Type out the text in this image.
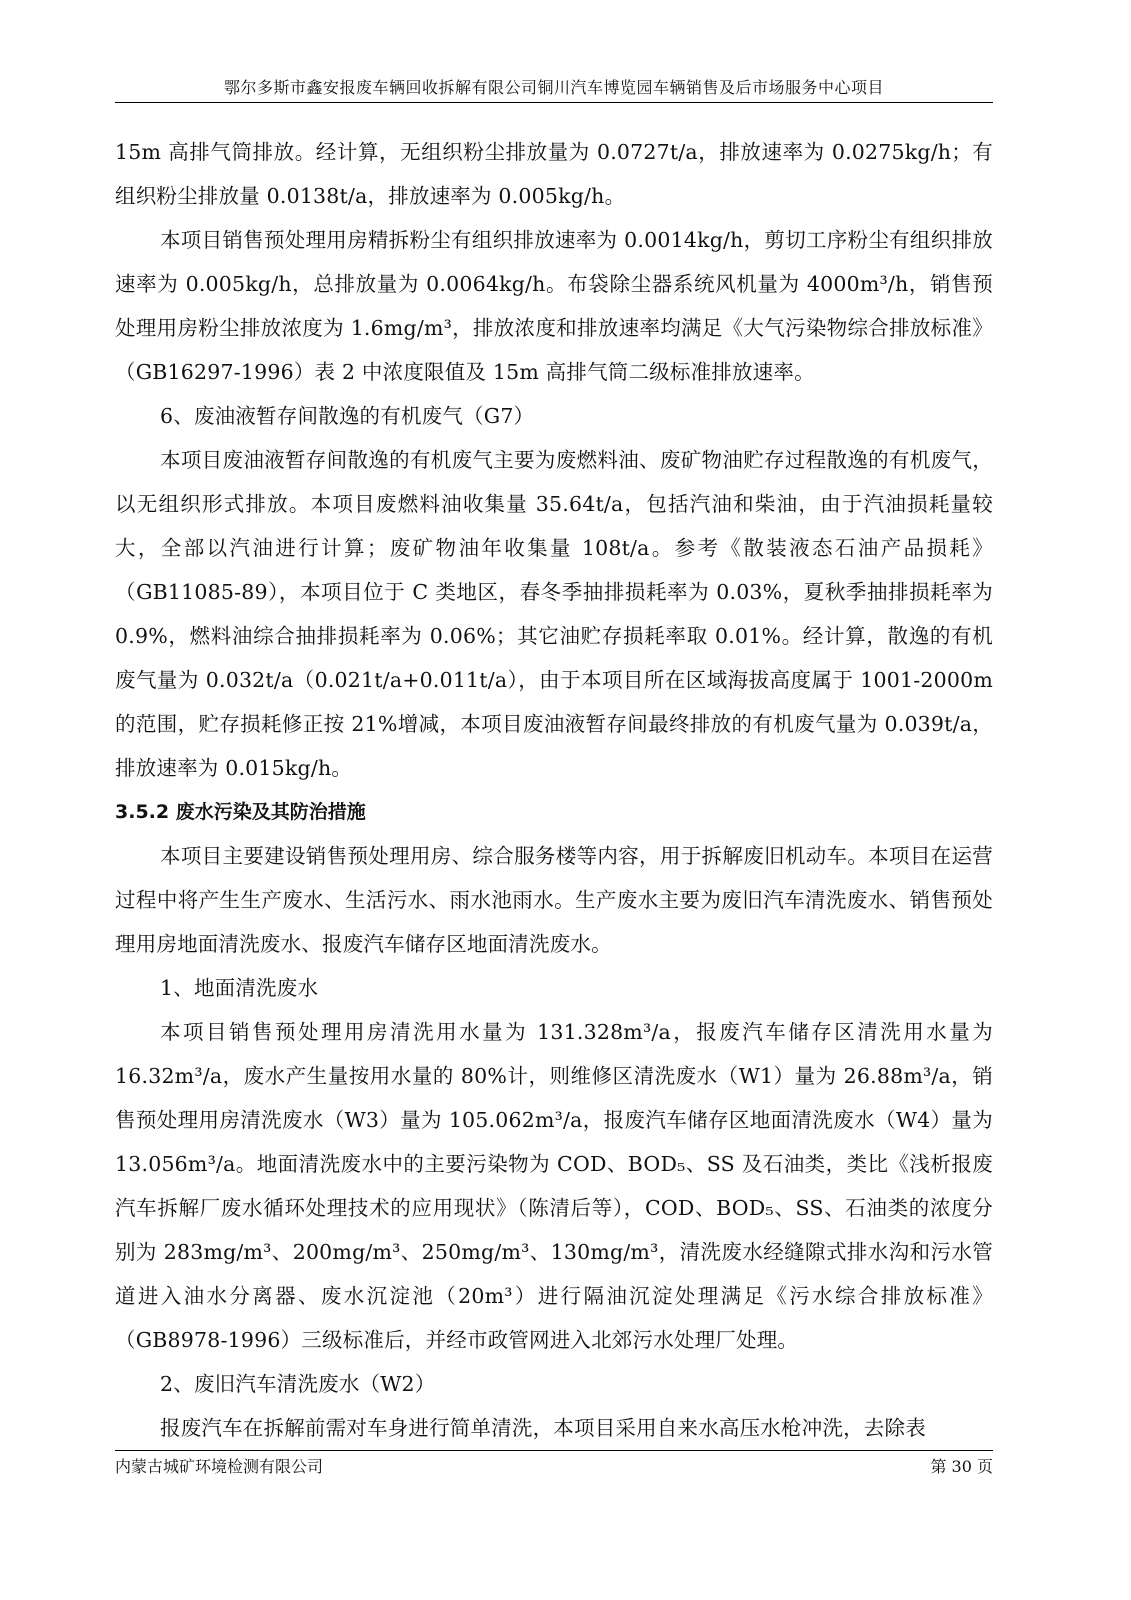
鄂尔多斯市鑫安报废车辆回收拆解有限公司铜川汽车博览园车辆销售及后市场服务中心项目

15m 高排气筒排放。经计算，无组织粉尘排放量为 0.0727t/a，排放速率为 0.0275kg/h；有组织粉尘排放量 0.0138t/a，排放速率为 0.005kg/h。

本项目销售预处理用房精拆粉尘有组织排放速率为 0.0014kg/h，剪切工序粉尘有组织排放速率为 0.005kg/h，总排放量为 0.0064kg/h。布袋除尘器系统风机量为 4000m³/h，销售预处理用房粉尘排放浓度为 1.6mg/m³，排放浓度和排放速率均满足《大气污染物综合排放标准》（GB16297-1996）表 2 中浓度限值及 15m 高排气筒二级标准排放速率。

6、废油液暂存间散逸的有机废气（G7）

本项目废油液暂存间散逸的有机废气主要为废燃料油、废矿物油贮存过程散逸的有机废气，以无组织形式排放。本项目废燃料油收集量 35.64t/a，包括汽油和柴油，由于汽油损耗量较大，全部以汽油进行计算；废矿物油年收集量 108t/a。参考《散装液态石油产品损耗》（GB11085-89），本项目位于 C 类地区，春冬季抽排损耗率为 0.03%，夏秋季抽排损耗率为 0.9%，燃料油综合抽排损耗率为 0.06%；其它油贮存损耗率取 0.01%。经计算，散逸的有机废气量为 0.032t/a（0.021t/a+0.011t/a），由于本项目所在区域海拔高度属于 1001-2000m 的范围，贮存损耗修正按 21%增减，本项目废油液暂存间最终排放的有机废气量为 0.039t/a，排放速率为 0.015kg/h。

3.5.2 废水污染及其防治措施

本项目主要建设销售预处理用房、综合服务楼等内容，用于拆解废旧机动车。本项目在运营过程中将产生生产废水、生活污水、雨水池雨水。生产废水主要为废旧汽车清洗废水、销售预处理用房地面清洗废水、报废汽车储存区地面清洗废水。

1、地面清洗废水

本项目销售预处理用房清洗用水量为 131.328m³/a，报废汽车储存区清洗用水量为 16.32m³/a，废水产生量按用水量的 80%计，则维修区清洗废水（W1）量为 26.88m³/a，销售预处理用房清洗废水（W3）量为 105.062m³/a，报废汽车储存区地面清洗废水（W4）量为 13.056m³/a。地面清洗废水中的主要污染物为 COD、BOD₅、SS 及石油类，类比《浅析报废汽车拆解厂废水循环处理技术的应用现状》（陈清后等），COD、BOD₅、SS、石油类的浓度分别为 283mg/m³、200mg/m³、250mg/m³、130mg/m³，清洗废水经缝隙式排水沟和污水管道进入油水分离器、废水沉淀池（20m³）进行隔油沉淀处理满足《污水综合排放标准》（GB8978-1996）三级标准后，并经市政管网进入北郊污水处理厂处理。

2、废旧汽车清洗废水（W2）

报废汽车在拆解前需对车身进行简单清洗，本项目采用自来水高压水枪冲洗，去除表

内蒙古城矿环境检测有限公司	第 30 页
